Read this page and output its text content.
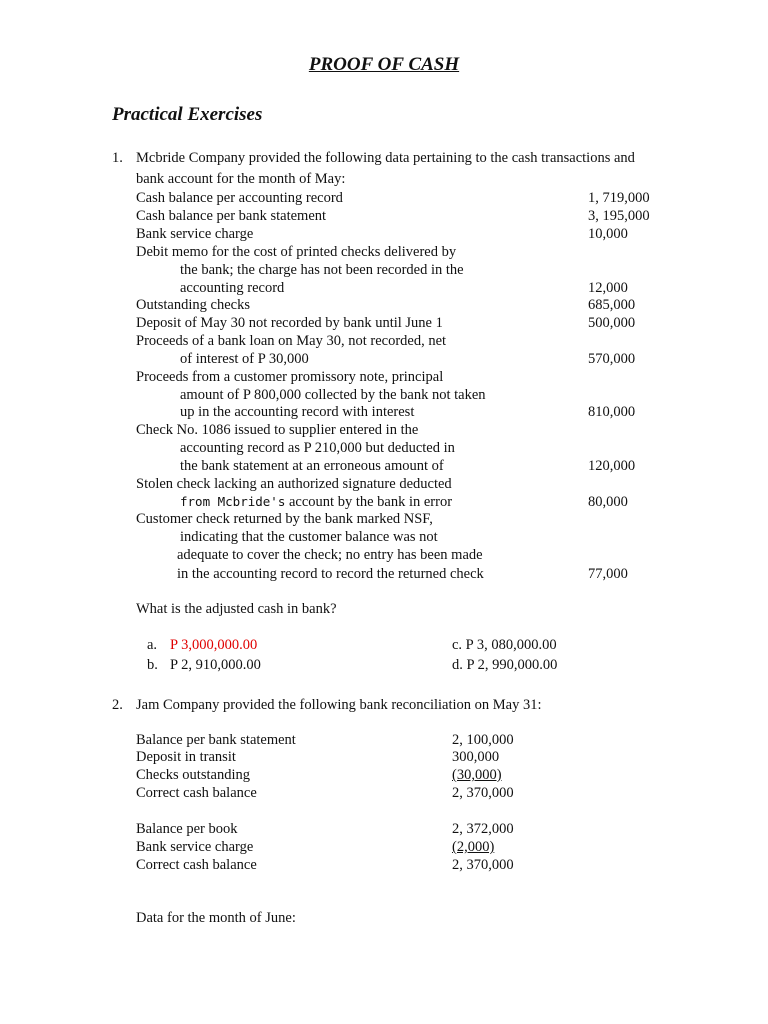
PROOF OF CASH
Practical Exercises
1. Mcbride Company provided the following data pertaining to the cash transactions and
bank account for the month of May:
Cash balance per accounting record	1, 719,000
Cash balance per bank statement	3, 195,000
Bank service charge	10,000
Debit memo for the cost of printed checks delivered by
the bank; the charge has not been recorded in the
accounting record	12,000
Outstanding checks	685,000
Deposit of May 30 not recorded by bank until June 1	500,000
Proceeds of a bank loan on May 30, not recorded, net
of interest of P 30,000	570,000
Proceeds from a customer promissory note, principal
amount of P 800,000 collected by the bank not taken
up in the accounting record with interest	810,000
Check No. 1086 issued to supplier entered in the
accounting record as P 210,000 but deducted in
the bank statement at an erroneous amount of	120,000
Stolen check lacking an authorized signature deducted
from Mcbride's account by the bank in error	80,000
Customer check returned by the bank marked NSF,
indicating that the customer balance was not
adequate to cover the check; no entry has been made
in the accounting record to record the returned check	77,000
What is the adjusted cash in bank?
a. P 3,000,000.00	c. P 3, 080,000.00
b. P 2, 910,000.00	d. P 2, 990,000.00
2. Jam Company provided the following bank reconciliation on May 31:
Balance per bank statement	2, 100,000
Deposit in transit	300,000
Checks outstanding	(30,000)
Correct cash balance	2, 370,000
Balance per book	2, 372,000
Bank service charge	(2,000)
Correct cash balance	2, 370,000
Data for the month of June:
